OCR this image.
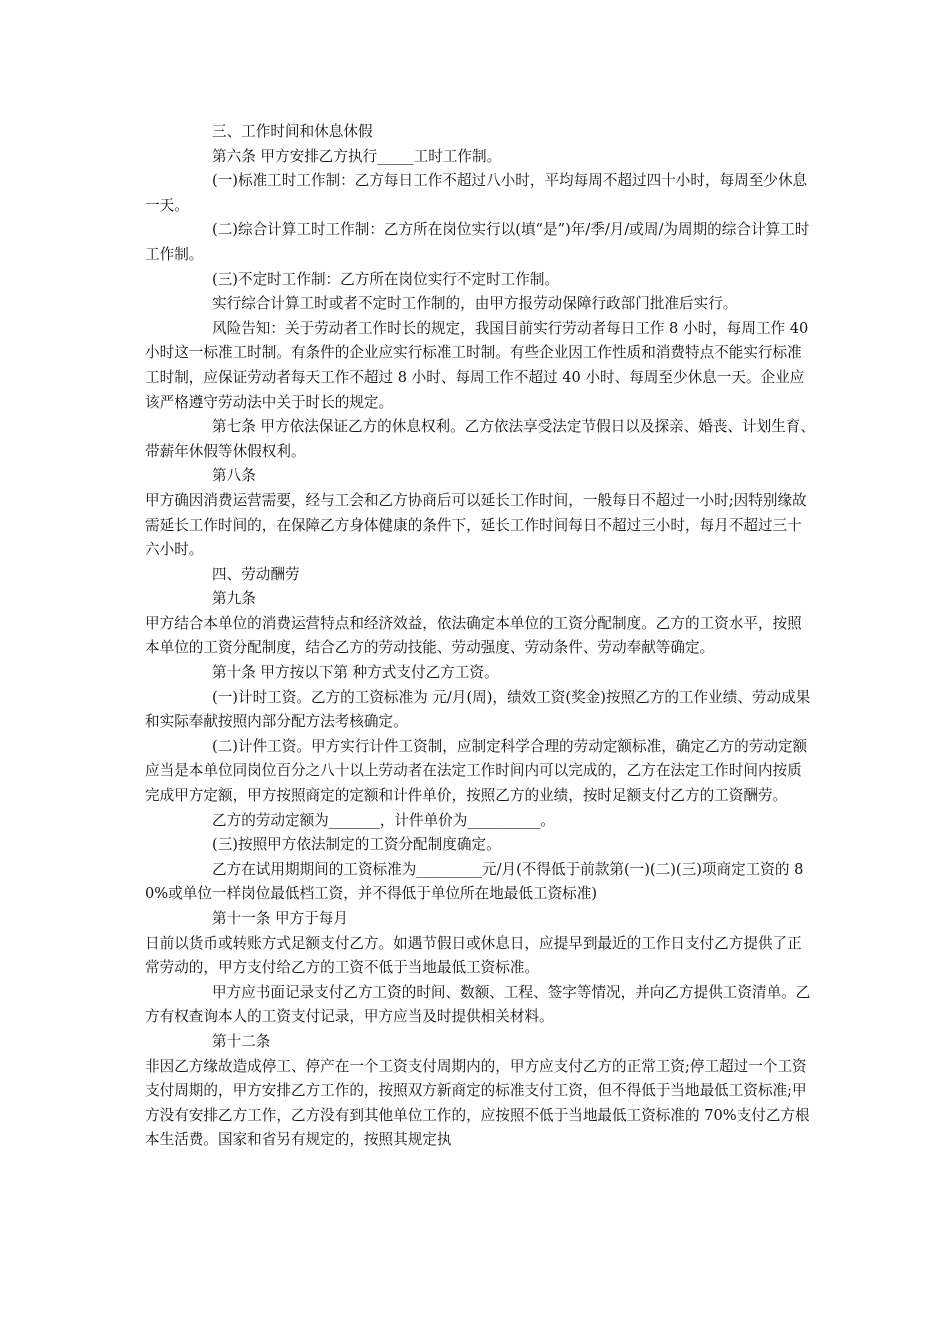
三、工作时间和休息休假

第六条 甲方安排乙方执行_____工时工作制。

(一)标准工时工作制：乙方每日工作不超过八小时，平均每周不超过四十小时，每周至少休息一天。

(二)综合计算工时工作制：乙方所在岗位实行以(填“是”)年/季/月/或周/为周期的综合计算工时工作制。

(三)不定时工作制：乙方所在岗位实行不定时工作制。

实行综合计算工时或者不定时工作制的，由甲方报劳动保障行政部门批准后实行。

风险告知：关于劳动者工作时长的规定，我国目前实行劳动者每日工作 8 小时，每周工作 40 小时这一标准工时制。有条件的企业应实行标准工时制。有些企业因工作性质和消费特点不能实行标准工时制，应保证劳动者每天工作不超过 8 小时、每周工作不超过 40 小时、每周至少休息一天。企业应该严格遵守劳动法中关于时长的规定。

第七条 甲方依法保证乙方的休息权利。乙方依法享受法定节假日以及探亲、婚丧、计划生育、带薪年休假等休假权利。

第八条

甲方确因消费运营需要，经与工会和乙方协商后可以延长工作时间，一般每日不超过一小时;因特别缘故需延长工作时间的，在保障乙方身体健康的条件下，延长工作时间每日不超过三小时，每月不超过三十六小时。

四、劳动酬劳

第九条

甲方结合本单位的消费运营特点和经济效益，依法确定本单位的工资分配制度。乙方的工资水平，按照本单位的工资分配制度，结合乙方的劳动技能、劳动强度、劳动条件、劳动奉献等确定。

第十条 甲方按以下第 种方式支付乙方工资。

(一)计时工资。乙方的工资标准为 元/月(周)，绩效工资(奖金)按照乙方的工作业绩、劳动成果和实际奉献按照内部分配方法考核确定。

(二)计件工资。甲方实行计件工资制，应制定科学合理的劳动定额标准，确定乙方的劳动定额应当是本单位同岗位百分之八十以上劳动者在法定工作时间内可以完成的，乙方在法定工作时间内按质完成甲方定额，甲方按照商定的定额和计件单价，按照乙方的业绩，按时足额支付乙方的工资酬劳。

乙方的劳动定额为_______，计件单价为__________。

(三)按照甲方依法制定的工资分配制度确定。

乙方在试用期期间的工资标准为_________元/月(不得低于前款第(一)(二)(三)项商定工资的 80%或单位一样岗位最低档工资，并不得低于单位所在地最低工资标准)

第十一条 甲方于每月

日前以货币或转账方式足额支付乙方。如遇节假日或休息日，应提早到最近的工作日支付乙方提供了正常劳动的，甲方支付给乙方的工资不低于当地最低工资标准。

甲方应书面记录支付乙方工资的时间、数额、工程、签字等情况，并向乙方提供工资清单。乙方有权查询本人的工资支付记录，甲方应当及时提供相关材料。

第十二条

非因乙方缘故造成停工、停产在一个工资支付周期内的，甲方应支付乙方的正常工资;停工超过一个工资支付周期的，甲方安排乙方工作的，按照双方新商定的标准支付工资，但不得低于当地最低工资标准;甲方没有安排乙方工作，乙方没有到其他单位工作的，应按照不低于当地最低工资标准的 70%支付乙方根本生活费。国家和省另有规定的，按照其规定执
